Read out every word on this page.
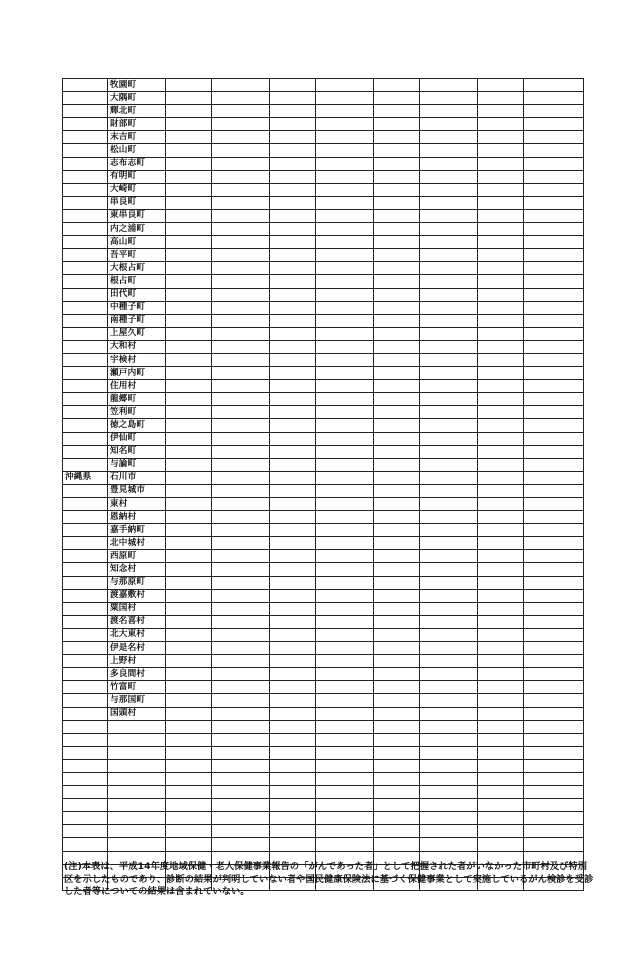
	牧園町								
	大隅町								
	輝北町								
	財部町								
	末吉町								
	松山町								
	志布志町								
	有明町								
	大崎町								
	串良町								
	東串良町								
	内之浦町								
	高山町								
	吾平町								
	大根占町								
	根占町								
	田代町								
	中種子町								
	南種子町								
	上屋久町								
	大和村								
	宇検村								
	瀬戸内町								
	住用村								
	龍郷町								
	笠利町								
	徳之島町								
	伊仙町								
	知名町								
	与論町								
沖縄県	石川市								
	豊見城市								
	東村								
	恩納村								
	嘉手納町								
	北中城村								
	西原町								
	知念村								
	与那原町								
	渡嘉敷村								
	粟国村								
	渡名喜村								
	北大東村								
	伊是名村								
	上野村								
	多良間村								
	竹富町								
	与那国町								
	国頭村								

(注)本表は、平成14年度地域保健・老人保健事業報告の「がんであった者」として把握された者がいなかった市町村及び特別区を示したものであり、診断の結果が判明していない者や国民健康保険法に基づく保健事業として実施しているがん検診を受診した者等についての結果は含まれていない。
